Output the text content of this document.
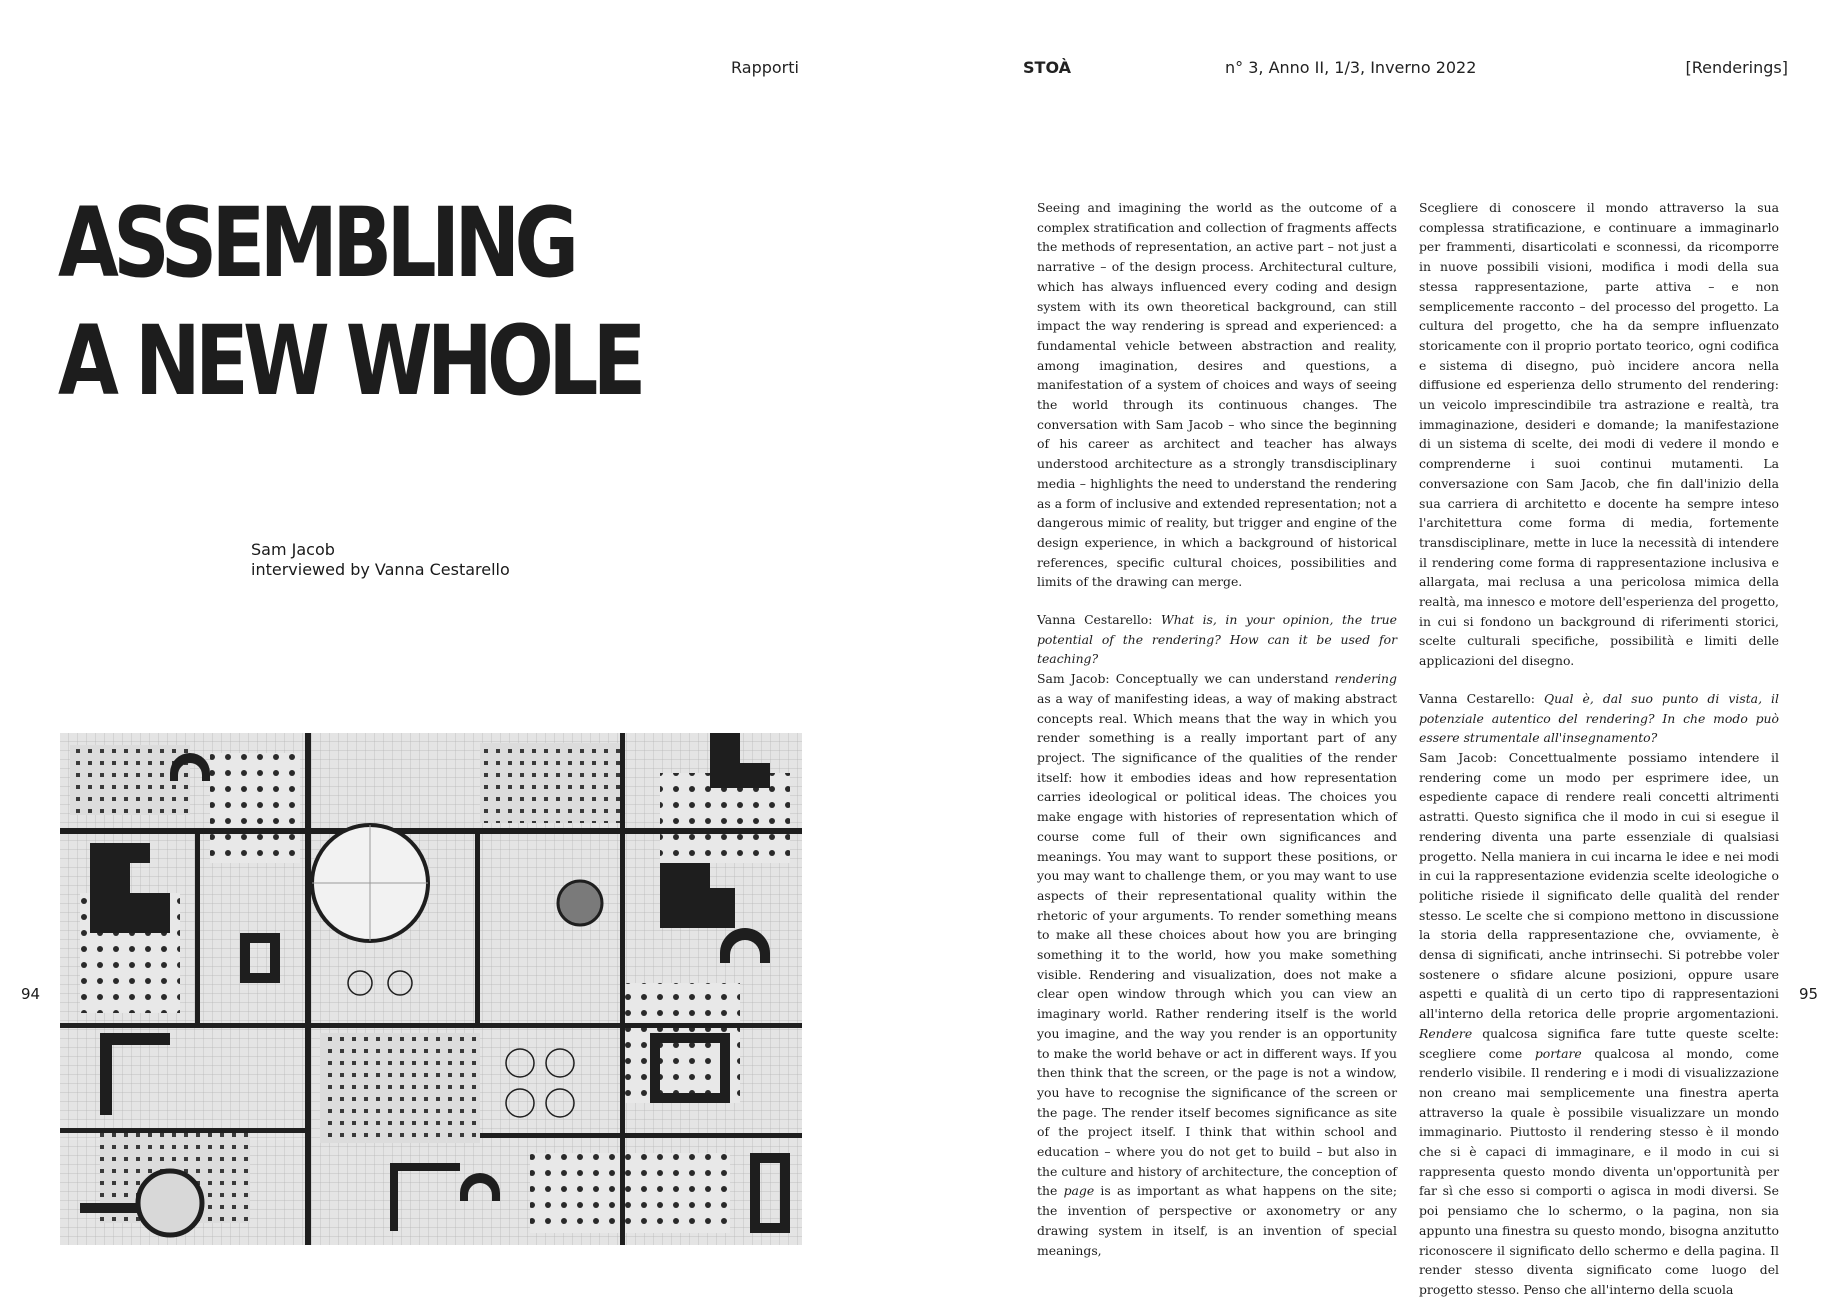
Rapporti	STOÀ	n° 3, Anno II, 1/3, Inverno 2022	[Renderings]
ASSEMBLING
A NEW WHOLE
Sam Jacob
interviewed by Vanna Cestarello
94	95

Seeing and imagining the world as the outcome of a complex stratification and collection of fragments affects the methods of representation, an active part – not just a narrative – of the design process. Architectural culture, which has always influenced every coding and design system with its own theoretical background, can still impact the way rendering is spread and experienced: a fundamental vehicle between abstraction and reality, among imagination, desires and questions, a manifestation of a system of choices and ways of seeing the world through its continuous changes. The conversation with Sam Jacob – who since the beginning of his career as architect and teacher has always understood architecture as a strongly transdisciplinary media – highlights the need to understand the rendering as a form of inclusive and extended representation; not a dangerous mimic of reality, but trigger and engine of the design experience, in which a background of historical references, specific cultural choices, possibilities and limits of the drawing can merge.

Vanna Cestarello: What is, in your opinion, the true potential of the rendering? How can it be used for teaching?
Sam Jacob: Conceptually we can understand rendering as a way of manifesting ideas, a way of making abstract concepts real. Which means that the way in which you render something is a really important part of any project. The significance of the qualities of the render itself: how it embodies ideas and how representation carries ideological or political ideas. The choices you make engage with histories of representation which of course come full of their own significances and meanings. You may want to support these positions, or you may want to challenge them, or you may want to use aspects of their representational quality within the rhetoric of your arguments. To render something means to make all these choices about how you are bringing something it to the world, how you make something visible. Rendering and visualization, does not make a clear open window through which you can view an imaginary world. Rather rendering itself is the world you imagine, and the way you render is an opportunity to make the world behave or act in different ways. If you then think that the screen, or the page is not a window, you have to recognise the significance of the screen or the page. The render itself becomes significance as site of the project itself. I think that within school and education – where you do not get to build – but also in the culture and history of architecture, the conception of the page is as important as what happens on the site; the invention of perspective or axonometry or any drawing system in itself, is an invention of special meanings,

Scegliere di conoscere il mondo attraverso la sua complessa stratificazione, e continuare a immaginarlo per frammenti, disarticolati e sconnessi, da ricomporre in nuove possibili visioni, modifica i modi della sua stessa rappresentazione, parte attiva – e non semplicemente racconto – del processo del progetto. La cultura del progetto, che ha da sempre influenzato storicamente con il proprio portato teorico, ogni codifica e sistema di disegno, può incidere ancora nella diffusione ed esperienza dello strumento del rendering: un veicolo imprescindibile tra astrazione e realtà, tra immaginazione, desideri e domande; la manifestazione di un sistema di scelte, dei modi di vedere il mondo e comprenderne i suoi continui mutamenti. La conversazione con Sam Jacob, che fin dall'inizio della sua carriera di architetto e docente ha sempre inteso l'architettura come forma di media, fortemente transdisciplinare, mette in luce la necessità di intendere il rendering come forma di rappresentazione inclusiva e allargata, mai reclusa a una pericolosa mimica della realtà, ma innesco e motore dell'esperienza del progetto, in cui si fondono un background di riferimenti storici, scelte culturali specifiche, possibilità e limiti delle applicazioni del disegno.

Vanna Cestarello: Qual è, dal suo punto di vista, il potenziale autentico del rendering? In che modo può essere strumentale all'insegnamento?
Sam Jacob: Concettualmente possiamo intendere il rendering come un modo per esprimere idee, un espediente capace di rendere reali concetti altrimenti astratti. Questo significa che il modo in cui si esegue il rendering diventa una parte essenziale di qualsiasi progetto. Nella maniera in cui incarna le idee e nei modi in cui la rappresentazione evidenzia scelte ideologiche o politiche risiede il significato delle qualità del render stesso. Le scelte che si compiono mettono in discussione la storia della rappresentazione che, ovviamente, è densa di significati, anche intrinsechi. Si potrebbe voler sostenere o sfidare alcune posizioni, oppure usare aspetti e qualità di un certo tipo di rappresentazioni all'interno della retorica delle proprie argomentazioni. Rendere qualcosa significa fare tutte queste scelte: scegliere come portare qualcosa al mondo, come renderlo visibile. Il rendering e i modi di visualizzazione non creano mai semplicemente una finestra aperta attraverso la quale è possibile visualizzare un mondo immaginario. Piuttosto il rendering stesso è il mondo che si è capaci di immaginare, e il modo in cui si rappresenta questo mondo diventa un'opportunità per far sì che esso si comporti o agisca in modi diversi. Se poi pensiamo che lo schermo, o la pagina, non sia appunto una finestra su questo mondo, bisogna anzitutto riconoscere il significato dello schermo e della pagina. Il render stesso diventa significato come luogo del progetto stesso. Penso che all'interno della scuola
